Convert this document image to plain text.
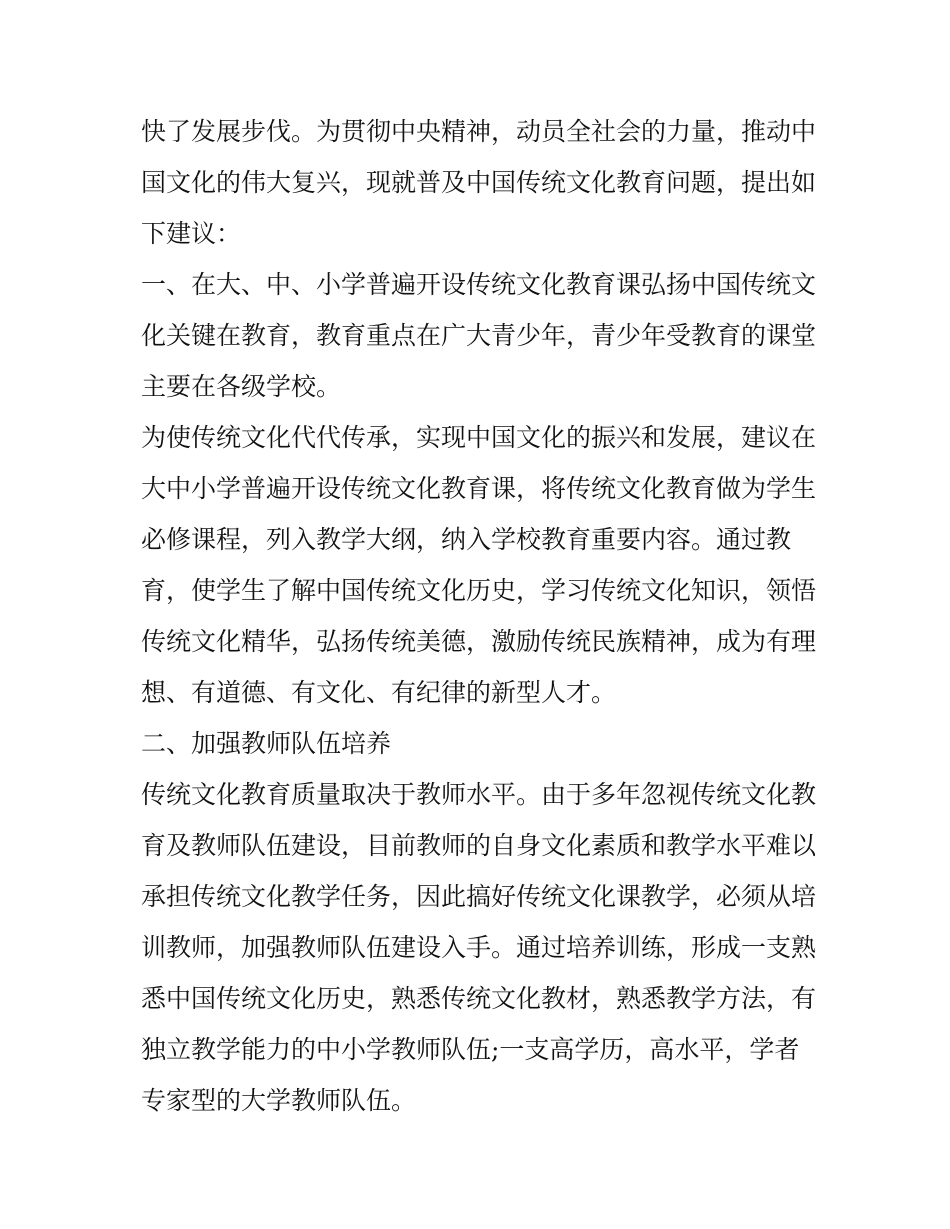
快了发展步伐。为贯彻中央精神，动员全社会的力量，推动中
国文化的伟大复兴，现就普及中国传统文化教育问题，提出如
下建议：
一、在大、中、小学普遍开设传统文化教育课弘扬中国传统文
化关键在教育，教育重点在广大青少年，青少年受教育的课堂
主要在各级学校。
为使传统文化代代传承，实现中国文化的振兴和发展，建议在
大中小学普遍开设传统文化教育课，将传统文化教育做为学生
必修课程，列入教学大纲，纳入学校教育重要内容。通过教
育，使学生了解中国传统文化历史，学习传统文化知识，领悟
传统文化精华，弘扬传统美德，激励传统民族精神，成为有理
想、有道德、有文化、有纪律的新型人才。
二、加强教师队伍培养
传统文化教育质量取决于教师水平。由于多年忽视传统文化教
育及教师队伍建设，目前教师的自身文化素质和教学水平难以
承担传统文化教学任务，因此搞好传统文化课教学，必须从培
训教师，加强教师队伍建设入手。通过培养训练，形成一支熟
悉中国传统文化历史，熟悉传统文化教材，熟悉教学方法，有
独立教学能力的中小学教师队伍;一支高学历，高水平，学者
专家型的大学教师队伍。
